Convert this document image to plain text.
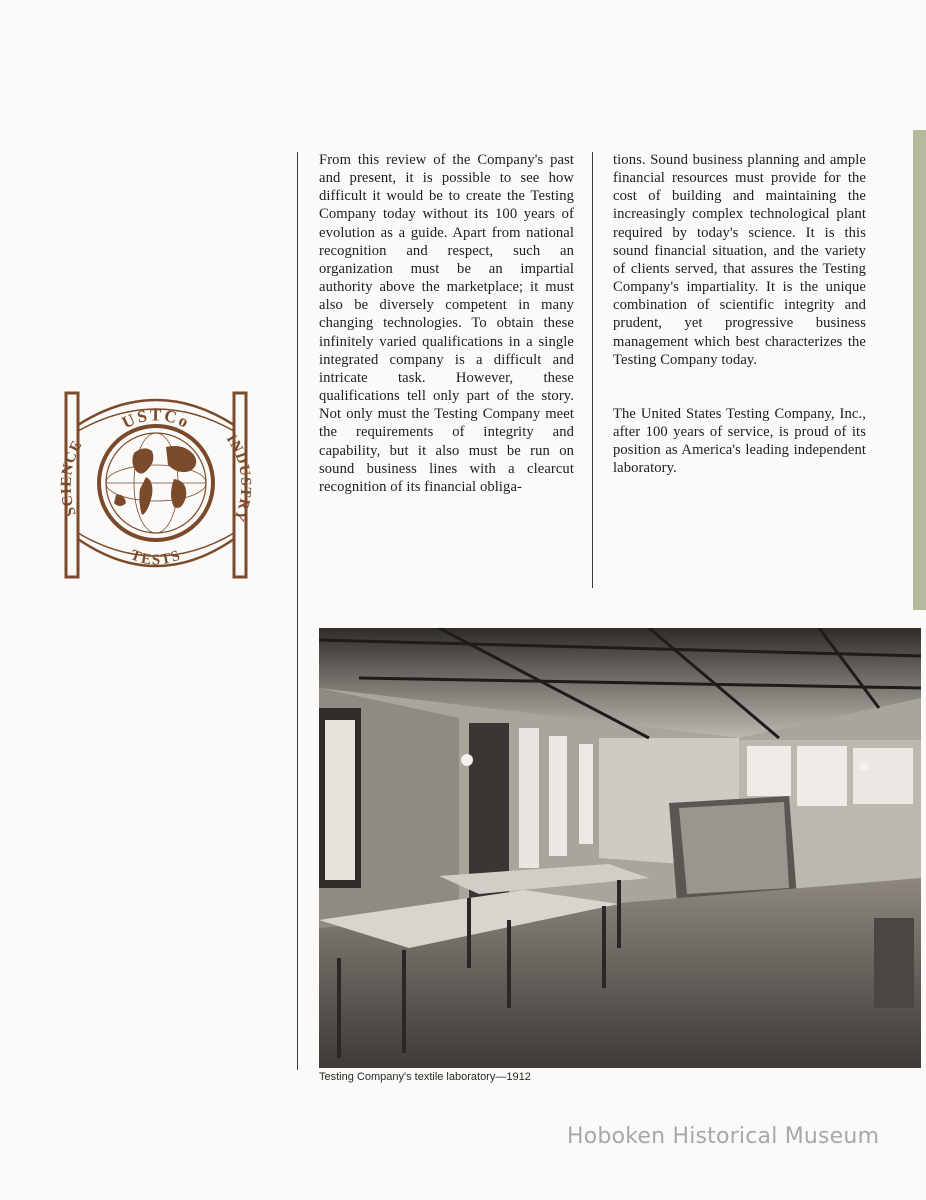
USTCo
TESTS
SCIENCE	INDUSTRY

From this review of the Company's past and present, it is possible to see how difficult it would be to create the Testing Company today without its 100 years of evolution as a guide. Apart from national recognition and respect, such an organization must be an impartial authority above the marketplace; it must also be diversely competent in many changing technologies. To obtain these infinitely varied qualifications in a single integrated company is a difficult and intricate task. However, these qualifications tell only part of the story. Not only must the Testing Company meet the requirements of integrity and capability, but it also must be run on sound business lines with a clearcut recognition of its financial obliga-

tions. Sound business planning and ample financial resources must provide for the cost of building and maintaining the increasingly complex technological plant required by today's science. It is this sound financial situation, and the variety of clients served, that assures the Testing Company's impartiality. It is the unique combination of scientific integrity and prudent, yet progressive business management which best characterizes the Testing Company today.

The United States Testing Company, Inc., after 100 years of service, is proud of its position as America's leading independent laboratory.

Testing Company's textile laboratory—1912
Hoboken Historical Museum
